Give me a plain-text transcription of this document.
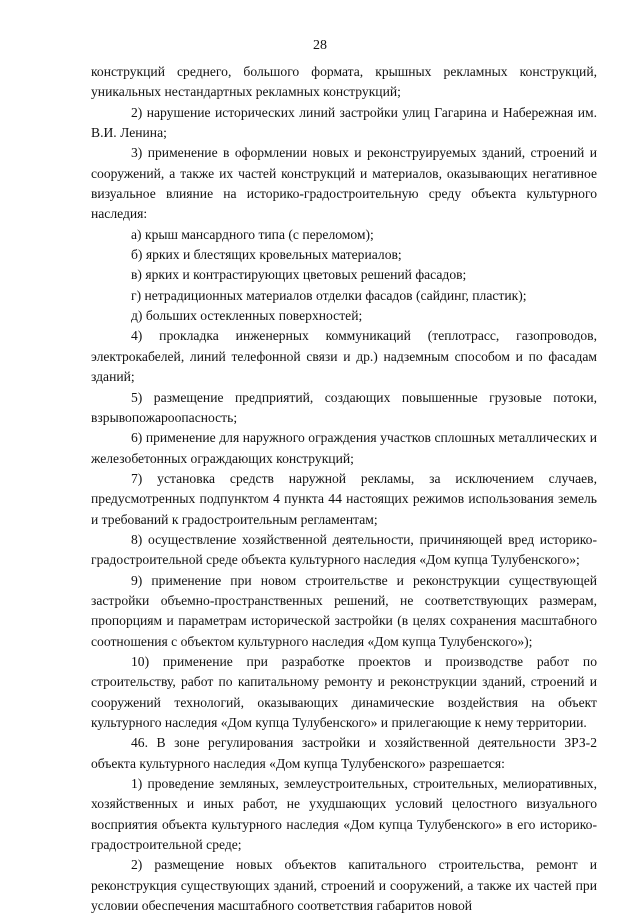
28

конструкций среднего, большого формата, крышных рекламных конструкций, уникальных нестандартных рекламных конструкций;

2) нарушение исторических линий застройки улиц Гагарина и Набережная им. В.И. Ленина;

3) применение в оформлении новых и реконструируемых зданий, строений и сооружений, а также их частей конструкций и материалов, оказывающих негативное визуальное влияние на историко-градостроительную среду объекта культурного наследия:

а) крыш мансардного типа (с переломом);

б) ярких и блестящих кровельных материалов;

в) ярких и контрастирующих цветовых решений фасадов;

г) нетрадиционных материалов отделки фасадов (сайдинг, пластик);

д) больших остекленных поверхностей;

4) прокладка инженерных коммуникаций (теплотрасс, газопроводов, электрокабелей, линий телефонной связи и др.) надземным способом и по фасадам зданий;

5) размещение предприятий, создающих повышенные грузовые потоки, взрывопожароопасность;

6) применение для наружного ограждения участков сплошных металлических и железобетонных ограждающих конструкций;

7) установка средств наружной рекламы, за исключением случаев, предусмотренных подпунктом 4 пункта 44 настоящих режимов использования земель и требований к градостроительным регламентам;

8) осуществление хозяйственной деятельности, причиняющей вред историко-градостроительной среде объекта культурного наследия «Дом купца Тулубенского»;

9) применение при новом строительстве и реконструкции существующей застройки объемно-пространственных решений, не соответствующих размерам, пропорциям и параметрам исторической застройки (в целях сохранения масштабного соотношения с объектом культурного наследия «Дом купца Тулубенского»);

10) применение при разработке проектов и производстве работ по строительству, работ по капитальному ремонту и реконструкции зданий, строений и сооружений технологий, оказывающих динамические воздействия на объект культурного наследия «Дом купца Тулубенского» и прилегающие к нему территории.

46. В зоне регулирования застройки и хозяйственной деятельности ЗРЗ-2 объекта культурного наследия «Дом купца Тулубенского» разрешается:

1) проведение земляных, землеустроительных, строительных, мелиоративных, хозяйственных и иных работ, не ухудшающих условий целостного визуального восприятия объекта культурного наследия «Дом купца Тулубенского» в его историко-градостроительной среде;

2) размещение новых объектов капитального строительства, ремонт и реконструкция существующих зданий, строений и сооружений, а также их частей при условии обеспечения масштабного соответствия габаритов новой
